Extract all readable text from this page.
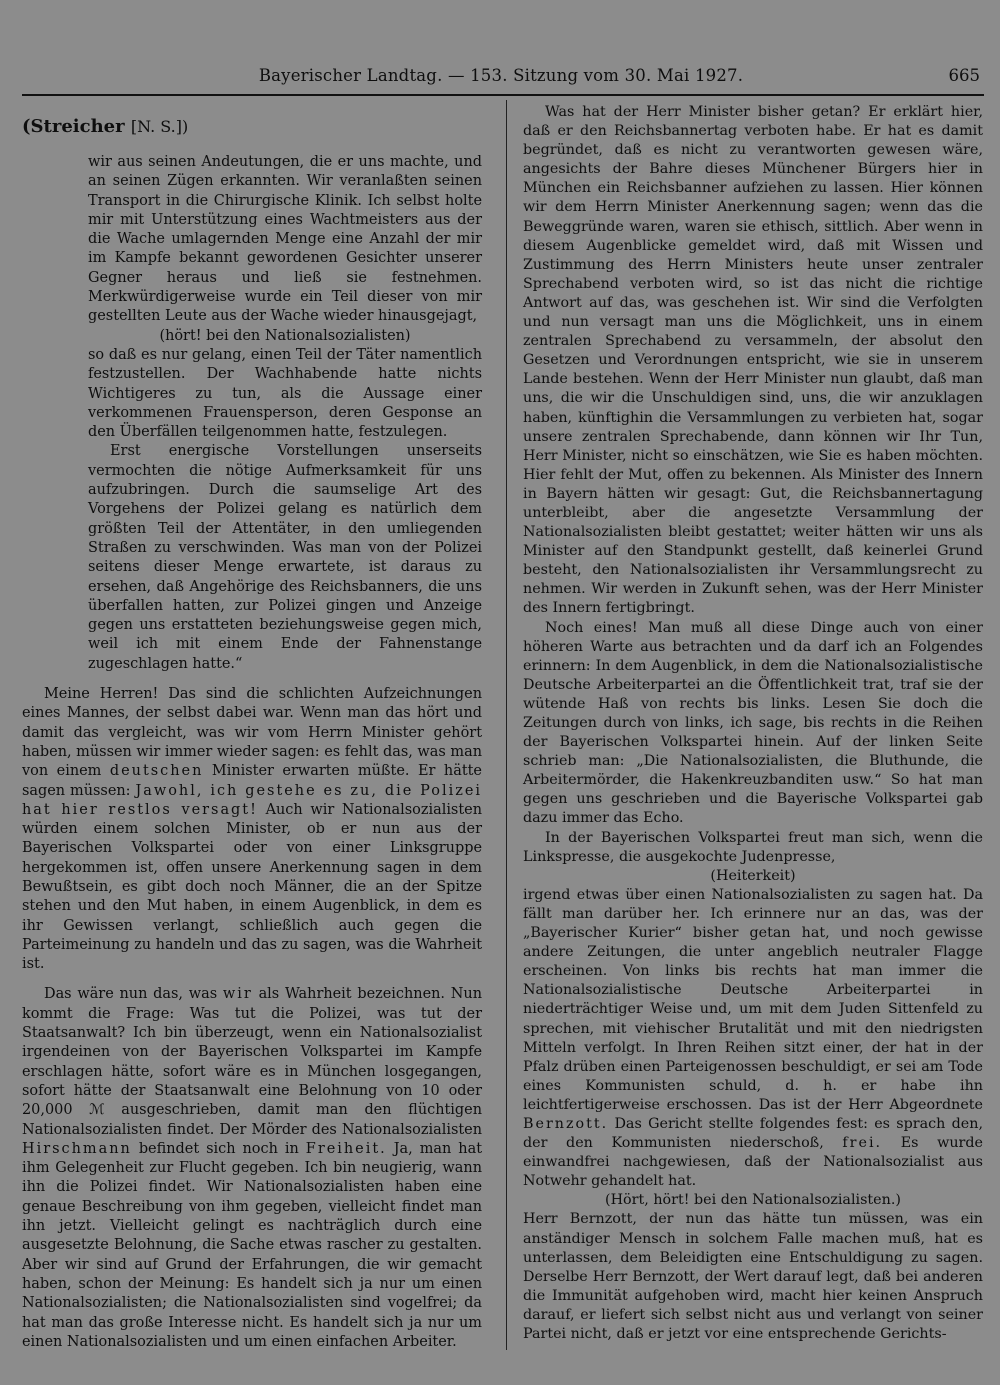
Bayerischer Landtag. — 153. Sitzung vom 30. Mai 1927.	665
(Streicher [N. S.])

wir aus seinen Andeutungen, die er uns machte, und an seinen Zügen erkannten. Wir veranlaßten seinen Transport in die Chirurgische Klinik. Ich selbst holte mir mit Unterstützung eines Wachtmeisters aus der die Wache umlagernden Menge eine Anzahl der mir im Kampfe bekannt gewordenen Gesichter unserer Gegner heraus und ließ sie festnehmen. Merkwürdigerweise wurde ein Teil dieser von mir gestellten Leute aus der Wache wieder hinausgejagt,

(hört! bei den Nationalsozialisten)

so daß es nur gelang, einen Teil der Täter namentlich festzustellen. Der Wachhabende hatte nichts Wichtigeres zu tun, als die Aussage einer verkommenen Frauensperson, deren Gesponse an den Überfällen teilgenommen hatte, festzulegen.

Erst energische Vorstellungen unserseits vermochten die nötige Aufmerksamkeit für uns aufzubringen. Durch die saumselige Art des Vorgehens der Polizei gelang es natürlich dem größten Teil der Attentäter, in den umliegenden Straßen zu verschwinden. Was man von der Polizei seitens dieser Menge erwartete, ist daraus zu ersehen, daß Angehörige des Reichsbanners, die uns überfallen hatten, zur Polizei gingen und Anzeige gegen uns erstatteten beziehungsweise gegen mich, weil ich mit einem Ende der Fahnenstange zugeschlagen hatte.“

Meine Herren! Das sind die schlichten Aufzeichnungen eines Mannes, der selbst dabei war. Wenn man das hört und damit das vergleicht, was wir vom Herrn Minister gehört haben, müssen wir immer wieder sagen: es fehlt das, was man von einem deutschen Minister erwarten müßte. Er hätte sagen müssen: Jawohl, ich gestehe es zu, die Polizei hat hier restlos versagt! Auch wir Nationalsozialisten würden einem solchen Minister, ob er nun aus der Bayerischen Volkspartei oder von einer Linksgruppe hergekommen ist, offen unsere Anerkennung sagen in dem Bewußtsein, es gibt doch noch Männer, die an der Spitze stehen und den Mut haben, in einem Augenblick, in dem es ihr Gewissen verlangt, schließlich auch gegen die Parteimeinung zu handeln und das zu sagen, was die Wahrheit ist.

Das wäre nun das, was wir als Wahrheit bezeichnen. Nun kommt die Frage: Was tut die Polizei, was tut der Staatsanwalt? Ich bin überzeugt, wenn ein Nationalsozialist irgendeinen von der Bayerischen Volkspartei im Kampfe erschlagen hätte, sofort wäre es in München losgegangen, sofort hätte der Staatsanwalt eine Belohnung von 10 oder 20,000 ℳ ausgeschrieben, damit man den flüchtigen Nationalsozialisten findet. Der Mörder des Nationalsozialisten Hirschmann befindet sich noch in Freiheit. Ja, man hat ihm Gelegenheit zur Flucht gegeben. Ich bin neugierig, wann ihn die Polizei findet. Wir Nationalsozialisten haben eine genaue Beschreibung von ihm gegeben, vielleicht findet man ihn jetzt. Vielleicht gelingt es nachträglich durch eine ausgesetzte Belohnung, die Sache etwas rascher zu gestalten. Aber wir sind auf Grund der Erfahrungen, die wir gemacht haben, schon der Meinung: Es handelt sich ja nur um einen Nationalsozialisten; die Nationalsozialisten sind vogelfrei; da hat man das große Interesse nicht. Es handelt sich ja nur um einen Nationalsozialisten und um einen einfachen Arbeiter.

Was hat der Herr Minister bisher getan? Er erklärt hier, daß er den Reichsbannertag verboten habe. Er hat es damit begründet, daß es nicht zu verantworten gewesen wäre, angesichts der Bahre dieses Münchener Bürgers hier in München ein Reichsbanner aufziehen zu lassen. Hier können wir dem Herrn Minister Anerkennung sagen; wenn das die Beweggründe waren, waren sie ethisch, sittlich. Aber wenn in diesem Augenblicke gemeldet wird, daß mit Wissen und Zustimmung des Herrn Ministers heute unser zentraler Sprechabend verboten wird, so ist das nicht die richtige Antwort auf das, was geschehen ist. Wir sind die Verfolgten und nun versagt man uns die Möglichkeit, uns in einem zentralen Sprechabend zu versammeln, der absolut den Gesetzen und Verordnungen entspricht, wie sie in unserem Lande bestehen. Wenn der Herr Minister nun glaubt, daß man uns, die wir die Unschuldigen sind, uns, die wir anzuklagen haben, künftighin die Versammlungen zu verbieten hat, sogar unsere zentralen Sprechabende, dann können wir Ihr Tun, Herr Minister, nicht so einschätzen, wie Sie es haben möchten. Hier fehlt der Mut, offen zu bekennen. Als Minister des Innern in Bayern hätten wir gesagt: Gut, die Reichsbannertagung unterbleibt, aber die angesetzte Versammlung der Nationalsozialisten bleibt gestattet; weiter hätten wir uns als Minister auf den Standpunkt gestellt, daß keinerlei Grund besteht, den Nationalsozialisten ihr Versammlungsrecht zu nehmen. Wir werden in Zukunft sehen, was der Herr Minister des Innern fertigbringt.

Noch eines! Man muß all diese Dinge auch von einer höheren Warte aus betrachten und da darf ich an Folgendes erinnern: In dem Augenblick, in dem die Nationalsozialistische Deutsche Arbeiterpartei an die Öffentlichkeit trat, traf sie der wütende Haß von rechts bis links. Lesen Sie doch die Zeitungen durch von links, ich sage, bis rechts in die Reihen der Bayerischen Volkspartei hinein. Auf der linken Seite schrieb man: „Die Nationalsozialisten, die Bluthunde, die Arbeitermörder, die Hakenkreuzbanditen usw.“ So hat man gegen uns geschrieben und die Bayerische Volkspartei gab dazu immer das Echo.

In der Bayerischen Volkspartei freut man sich, wenn die Linkspresse, die ausgekochte Judenpresse,

(Heiterkeit)

irgend etwas über einen Nationalsozialisten zu sagen hat. Da fällt man darüber her. Ich erinnere nur an das, was der „Bayerischer Kurier“ bisher getan hat, und noch gewisse andere Zeitungen, die unter angeblich neutraler Flagge erscheinen. Von links bis rechts hat man immer die Nationalsozialistische Deutsche Arbeiterpartei in niederträchtiger Weise und, um mit dem Juden Sittenfeld zu sprechen, mit viehischer Brutalität und mit den niedrigsten Mitteln verfolgt. In Ihren Reihen sitzt einer, der hat in der Pfalz drüben einen Parteigenossen beschuldigt, er sei am Tode eines Kommunisten schuld, d. h. er habe ihn leichtfertigerweise erschossen. Das ist der Herr Abgeordnete Bernzott. Das Gericht stellte folgendes fest: es sprach den, der den Kommunisten niederschoß, frei. Es wurde einwandfrei nachgewiesen, daß der Nationalsozialist aus Notwehr gehandelt hat.

(Hört, hört! bei den Nationalsozialisten.)

Herr Bernzott, der nun das hätte tun müssen, was ein anständiger Mensch in solchem Falle machen muß, hat es unterlassen, dem Beleidigten eine Entschuldigung zu sagen. Derselbe Herr Bernzott, der Wert darauf legt, daß bei anderen die Immunität aufgehoben wird, macht hier keinen Anspruch darauf, er liefert sich selbst nicht aus und verlangt von seiner Partei nicht, daß er jetzt vor eine entsprechende Gerichts-
